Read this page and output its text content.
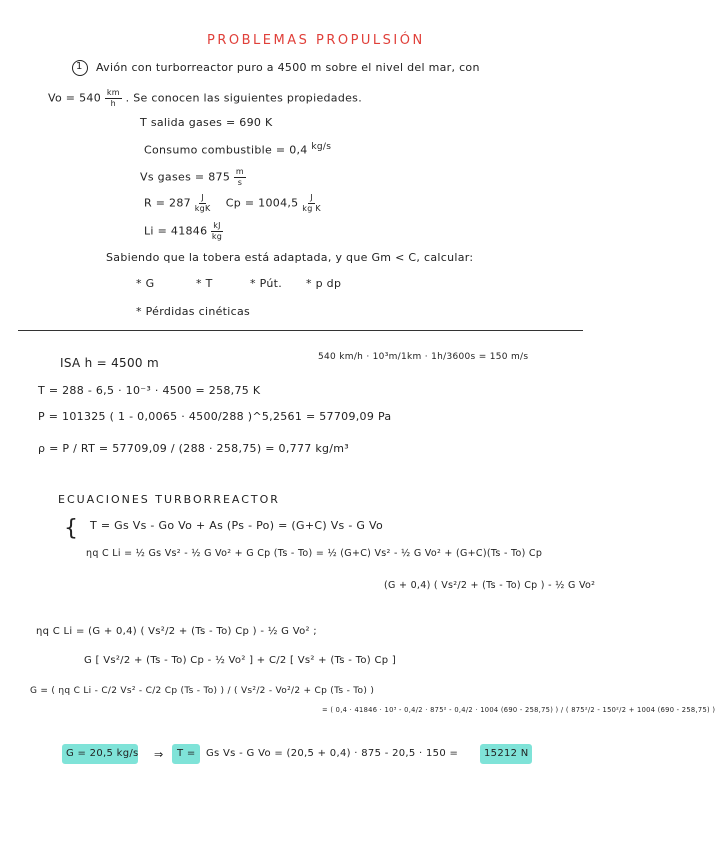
PROBLEMAS PROPULSIÓN
1 Avión con turborreactor puro a 4500 m sobre el nivel del mar, con
$Vo = 540 \frac{km}{h}$ . Se conocen las siguientes propiedades.
T salida gases = 690 K
Consumo combustible = 0,4 $^{kg/s}$
Vs gases = $875 \frac{m}{s}$
$R = 287 \frac{J}{\text{kgK}}$ $Cp = 1004,5 \frac{J}{\text{kg K}}$
$Li = 41846 \frac{kJ}{kg}$
Sabiendo que la tobera está adaptada, y que Gm < C, calcular:
* G	* T	* Pút. * p dp
* Pérdidas cinéticas
ISA h = 4500 m	540 km/h · 10³m/1km · 1h/3600s = 150 m/s
T = 288 - 6,5 · 10⁻³ · 4500 = 258,75 K
P = 101325 ( 1 - 0,0065 · 4500/288 )^5,2561 = 57709,09 Pa
ρ = P / RT = 57709,09 / (288 · 258,75) = 0,777 kg/m³
ECUACIONES TURBORREACTOR
{ T = Gs Vs - Go Vo + As (Ps - Po) = (G+C) Vs - G Vo
ηq C Li = ½ Gs Vs² - ½ G Vo² + G Cp (Ts - To) = ½ (G+C) Vs² - ½ G Vo² + (G+C)(Ts - To) Cp
(G + 0,4) ( Vs²/2 + (Ts - To) Cp ) - ½ G Vo²
ηq C Li = (G + 0,4) ( Vs²/2 + (Ts - To) Cp ) - ½ G Vo² ;
G [ Vs²/2 + (Ts - To) Cp - ½ Vo² ] + C/2 [ Vs² + (Ts - To) Cp ]
G = ( ηq C Li - C/2 Vs² - C/2 Cp (Ts - To) ) / ( Vs²/2 - Vo²/2 + Cp (Ts - To) )
= ( 0,4 · 41846 · 10³ - 0,4/2 · 875² - 0,4/2 · 1004 (690 - 258,75) ) / ( 875²/2 - 150²/2 + 1004 (690 - 258,75) )
G = 20,5 kg/s ⇒ T = Gs Vs - G Vo = (20,5 + 0,4) · 875 - 20,5 · 150 =	15212 N
